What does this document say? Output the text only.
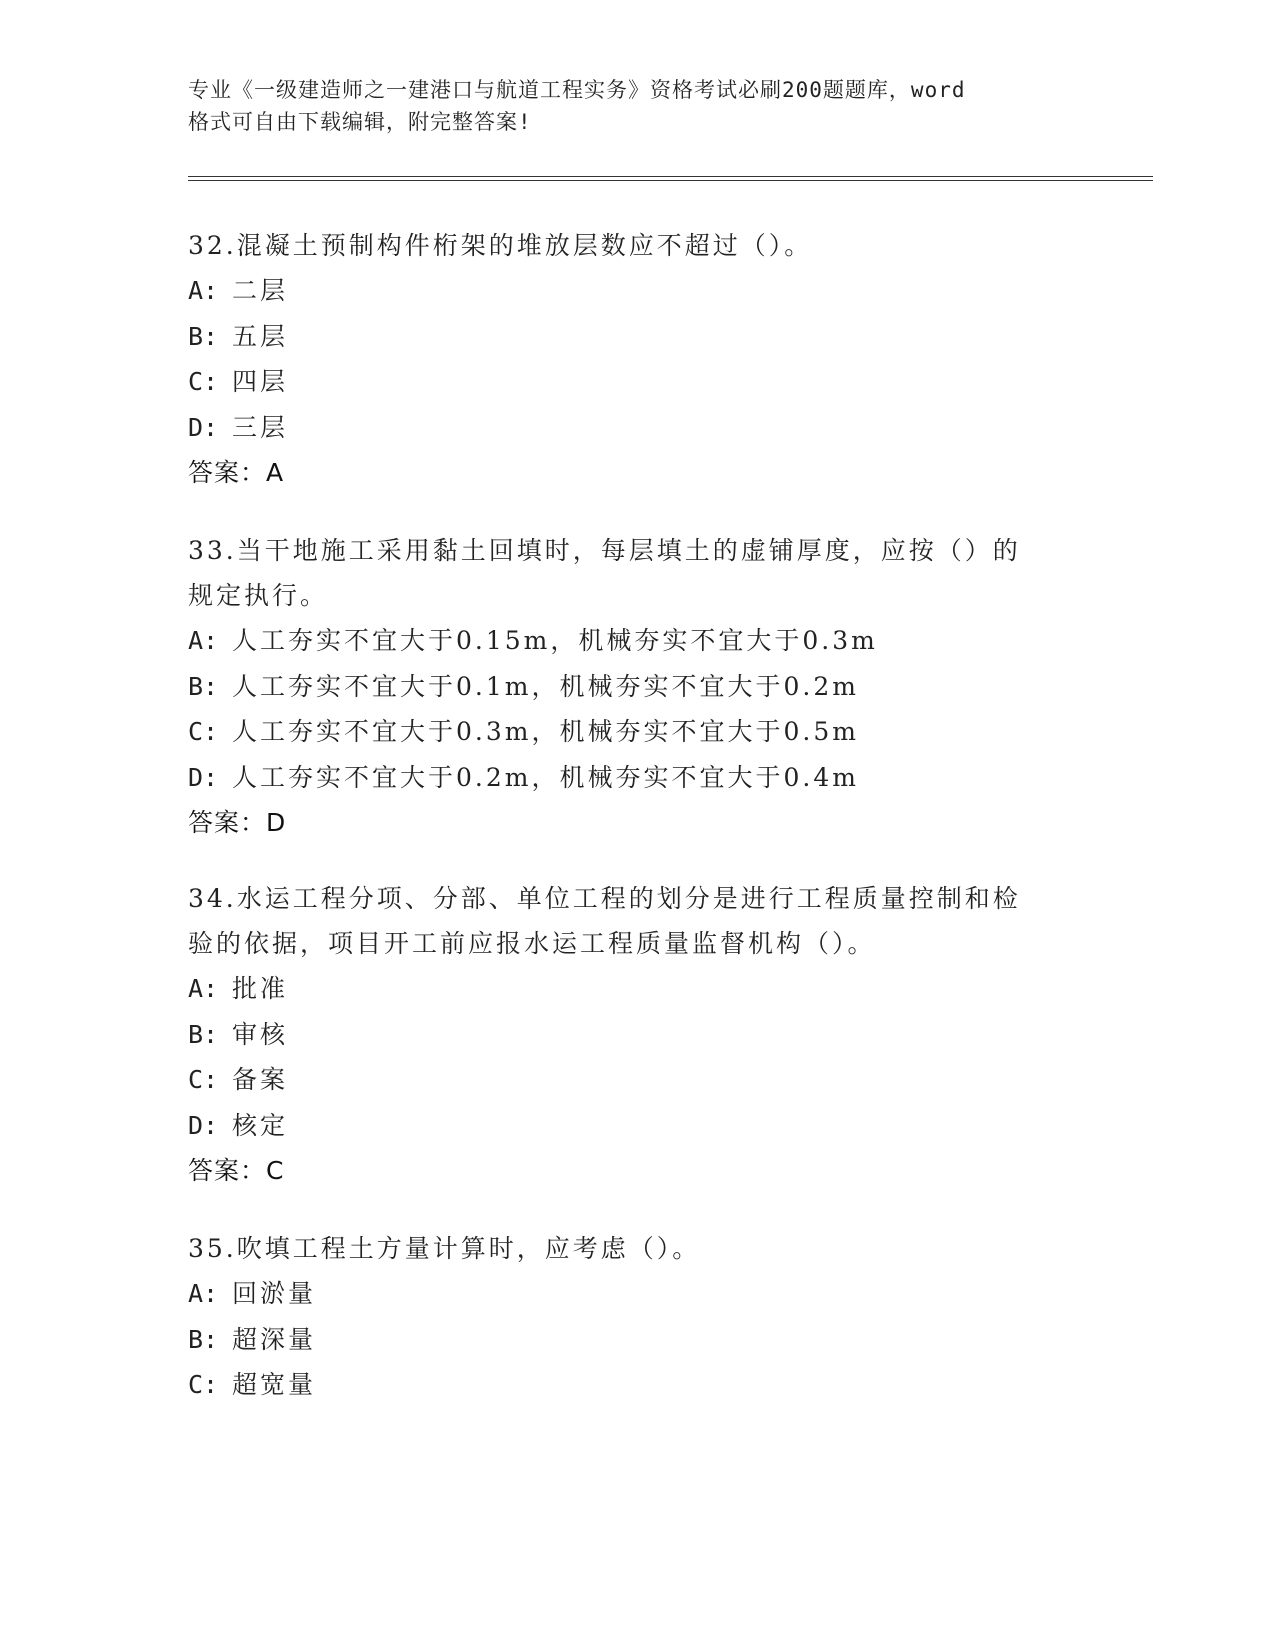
专业《一级建造师之一建港口与航道工程实务》资格考试必刷200题题库，word
格式可自由下载编辑，附完整答案!

32.混凝土预制构件桁架的堆放层数应不超过（）。

A: 二层

B: 五层

C: 四层

D: 三层

答案：A

33.当干地施工采用黏土回填时，每层填土的虚铺厚度，应按（）的规定执行。

A: 人工夯实不宜大于0.15m，机械夯实不宜大于0.3m

B: 人工夯实不宜大于0.1m，机械夯实不宜大于0.2m

C: 人工夯实不宜大于0.3m，机械夯实不宜大于0.5m

D: 人工夯实不宜大于0.2m，机械夯实不宜大于0.4m

答案：D

34.水运工程分项、分部、单位工程的划分是进行工程质量控制和检验的依据，项目开工前应报水运工程质量监督机构（）。

A: 批准

B: 审核

C: 备案

D: 核定

答案：C

35.吹填工程土方量计算时，应考虑（）。

A: 回淤量

B: 超深量

C: 超宽量
